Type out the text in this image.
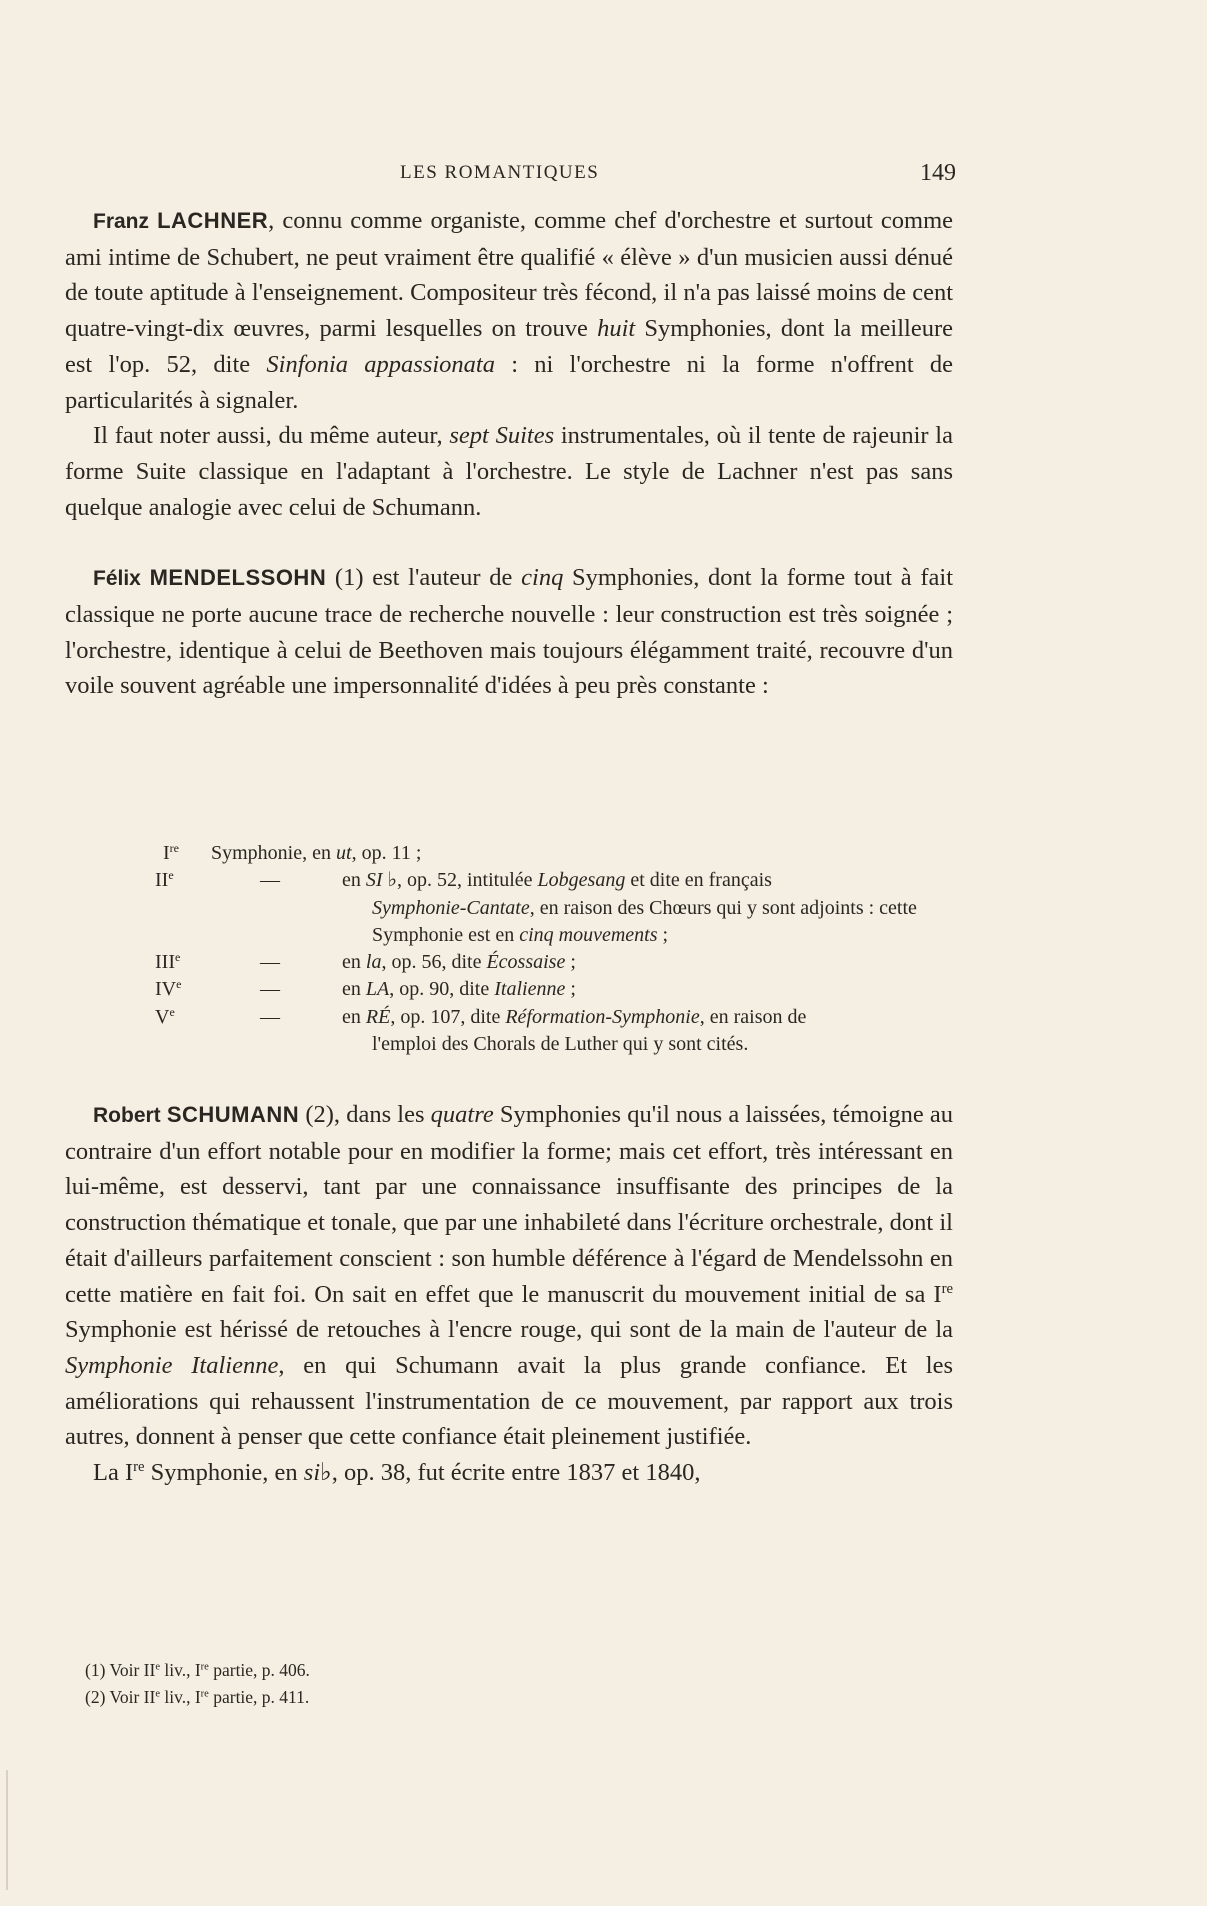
LES ROMANTIQUES	149

Franz LACHNER, connu comme organiste, comme chef d'orchestre et surtout comme ami intime de Schubert, ne peut vraiment être qualifié « élève » d'un musicien aussi dénué de toute aptitude à l'enseignement. Compositeur très fécond, il n'a pas laissé moins de cent quatre-vingt-dix œuvres, parmi lesquelles on trouve huit Symphonies, dont la meilleure est l'op. 52, dite Sinfonia appassionata : ni l'orchestre ni la forme n'offrent de particularités à signaler.

Il faut noter aussi, du même auteur, sept Suites instrumentales, où il tente de rajeunir la forme Suite classique en l'adaptant à l'orchestre. Le style de Lachner n'est pas sans quelque analogie avec celui de Schumann.

Félix MENDELSSOHN (1) est l'auteur de cinq Symphonies, dont la forme tout à fait classique ne porte aucune trace de recherche nouvelle : leur construction est très soignée ; l'orchestre, identique à celui de Beethoven mais toujours élégamment traité, recouvre d'un voile souvent agréable une impersonnalité d'idées à peu près constante :

Ire	Symphonie, en ut, op. 11 ;
IIe	—	en SI ♭, op. 52, intitulée Lobgesang et dite en français
Symphonie-Cantate, en raison des Chœurs qui y sont adjoints : cette Symphonie est en cinq mouvements ;
IIIe	—	en la, op. 56, dite Écossaise ;
IVe	—	en LA, op. 90, dite Italienne ;
Ve	—	en RÉ, op. 107, dite Réformation-Symphonie, en raison de
l'emploi des Chorals de Luther qui y sont cités.

Robert SCHUMANN (2), dans les quatre Symphonies qu'il nous a laissées, témoigne au contraire d'un effort notable pour en modifier la forme; mais cet effort, très intéressant en lui-même, est desservi, tant par une connaissance insuffisante des principes de la construction thématique et tonale, que par une inhabileté dans l'écriture orchestrale, dont il était d'ailleurs parfaitement conscient : son humble déférence à l'égard de Mendelssohn en cette matière en fait foi. On sait en effet que le manuscrit du mouvement initial de sa Ire Symphonie est hérissé de retouches à l'encre rouge, qui sont de la main de l'auteur de la Symphonie Italienne, en qui Schumann avait la plus grande confiance. Et les améliorations qui rehaussent l'instrumentation de ce mouvement, par rapport aux trois autres, donnent à penser que cette confiance était pleinement justifiée.

La Ire Symphonie, en si♭, op. 38, fut écrite entre 1837 et 1840,

(1) Voir IIe liv., Ire partie, p. 406.
(2) Voir IIe liv., Ire partie, p. 411.
